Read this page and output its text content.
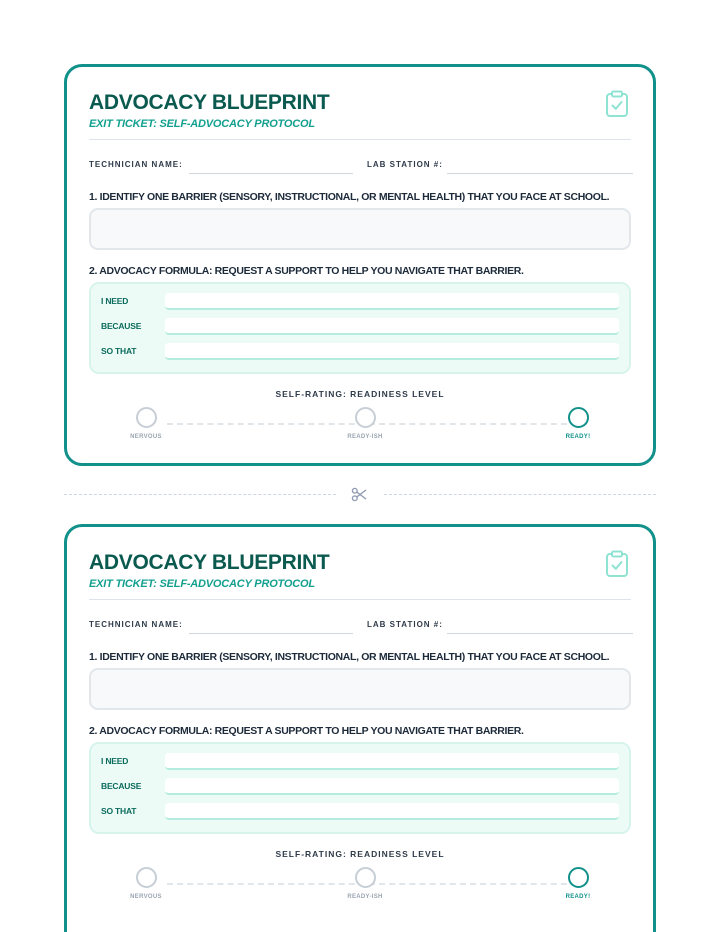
ADVOCACY BLUEPRINT
EXIT TICKET: SELF-ADVOCACY PROTOCOL
TECHNICIAN NAME:	LAB STATION #:
1. IDENTIFY ONE BARRIER (SENSORY, INSTRUCTIONAL, OR MENTAL HEALTH) THAT YOU FACE AT SCHOOL.
2. ADVOCACY FORMULA: REQUEST A SUPPORT TO HELP YOU NAVIGATE THAT BARRIER.
I NEED
BECAUSE
SO THAT
SELF-RATING: READINESS LEVEL
NERVOUS	READY-ISH	READY!
ADVOCACY BLUEPRINT
EXIT TICKET: SELF-ADVOCACY PROTOCOL
TECHNICIAN NAME:	LAB STATION #:
1. IDENTIFY ONE BARRIER (SENSORY, INSTRUCTIONAL, OR MENTAL HEALTH) THAT YOU FACE AT SCHOOL.
2. ADVOCACY FORMULA: REQUEST A SUPPORT TO HELP YOU NAVIGATE THAT BARRIER.
I NEED
BECAUSE
SO THAT
SELF-RATING: READINESS LEVEL
NERVOUS	READY-ISH	READY!
